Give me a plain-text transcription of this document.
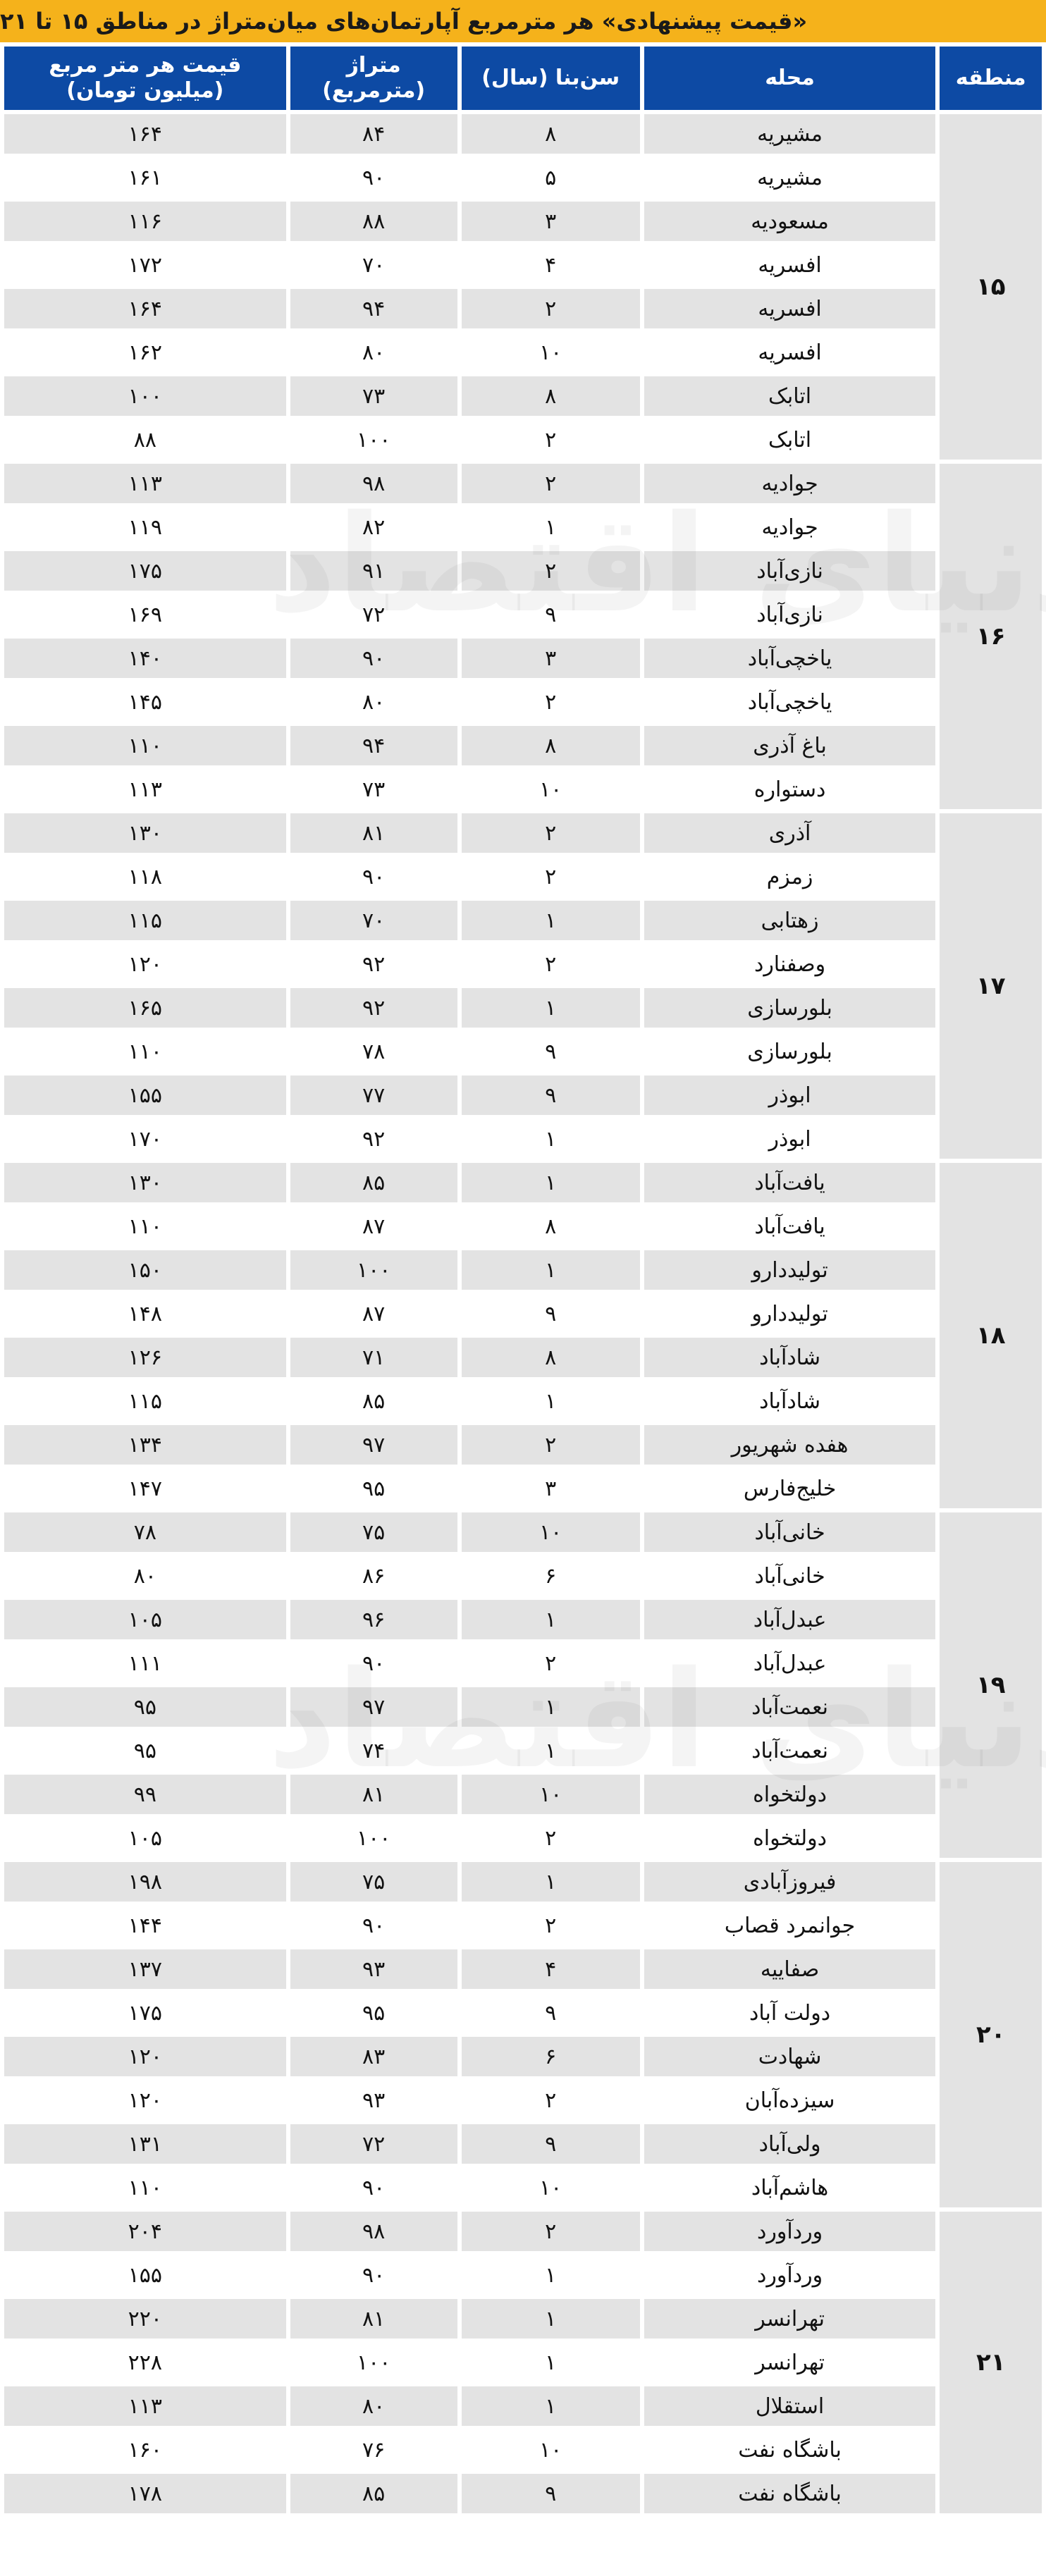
«قیمت پیشنهادی» هر مترمربع آپارتمان‌های میان‌متراژ در مناطق ۱۵ تا ۲۱
منطقه	محله	سن‌بنا (سال)	متراژ (مترمربع)	قیمت هر متر مربع (میلیون تومان)
۱۵	مشیریه	۸	۸۴	۱۶۴
	مشیریه	۵	۹۰	۱۶۱
	مسعودیه	۳	۸۸	۱۱۶
	افسریه	۴	۷۰	۱۷۲
	افسریه	۲	۹۴	۱۶۴
	افسریه	۱۰	۸۰	۱۶۲
	اتابک	۸	۷۳	۱۰۰
	اتابک	۲	۱۰۰	۸۸
۱۶	جوادیه	۲	۹۸	۱۱۳
	جوادیه	۱	۸۲	۱۱۹
	نازی‌آباد	۲	۹۱	۱۷۵
	نازی‌آباد	۹	۷۲	۱۶۹
	یاخچی‌آباد	۳	۹۰	۱۴۰
	یاخچی‌آباد	۲	۸۰	۱۴۵
	باغ آذری	۸	۹۴	۱۱۰
	دستواره	۱۰	۷۳	۱۱۳
۱۷	آذری	۲	۸۱	۱۳۰
	زمزم	۲	۹۰	۱۱۸
	زهتابی	۱	۷۰	۱۱۵
	وصفنارد	۲	۹۲	۱۲۰
	بلورسازی	۱	۹۲	۱۶۵
	بلورسازی	۹	۷۸	۱۱۰
	ابوذر	۹	۷۷	۱۵۵
	ابوذر	۱	۹۲	۱۷۰
۱۸	یافت‌آباد	۱	۸۵	۱۳۰
	یافت‌آباد	۸	۸۷	۱۱۰
	تولیددارو	۱	۱۰۰	۱۵۰
	تولیددارو	۹	۸۷	۱۴۸
	شادآباد	۸	۷۱	۱۲۶
	شادآباد	۱	۸۵	۱۱۵
	هفده شهریور	۲	۹۷	۱۳۴
	خلیج‌فارس	۳	۹۵	۱۴۷
۱۹	خانی‌آباد	۱۰	۷۵	۷۸
	خانی‌آباد	۶	۸۶	۸۰
	عبدل‌آباد	۱	۹۶	۱۰۵
	عبدل‌آباد	۲	۹۰	۱۱۱
	نعمت‌آباد	۱	۹۷	۹۵
	نعمت‌آباد	۱	۷۴	۹۵
	دولتخواه	۱۰	۸۱	۹۹
	دولتخواه	۲	۱۰۰	۱۰۵
۲۰	فیروزآبادی	۱	۷۵	۱۹۸
	جوانمرد قصاب	۲	۹۰	۱۴۴
	صفاییه	۴	۹۳	۱۳۷
	دولت آباد	۹	۹۵	۱۷۵
	شهادت	۶	۸۳	۱۲۰
	سیزده‌آبان	۲	۹۳	۱۲۰
	ولی‌آباد	۹	۷۲	۱۳۱
	هاشم‌آباد	۱۰	۹۰	۱۱۰
۲۱	وردآورد	۲	۹۸	۲۰۴
	وردآورد	۱	۹۰	۱۵۵
	تهرانسر	۱	۸۱	۲۲۰
	تهرانسر	۱	۱۰۰	۲۲۸
	استقلال	۱	۸۰	۱۱۳
	باشگاه نفت	۱۰	۷۶	۱۶۰
	باشگاه نفت	۹	۸۵	۱۷۸
